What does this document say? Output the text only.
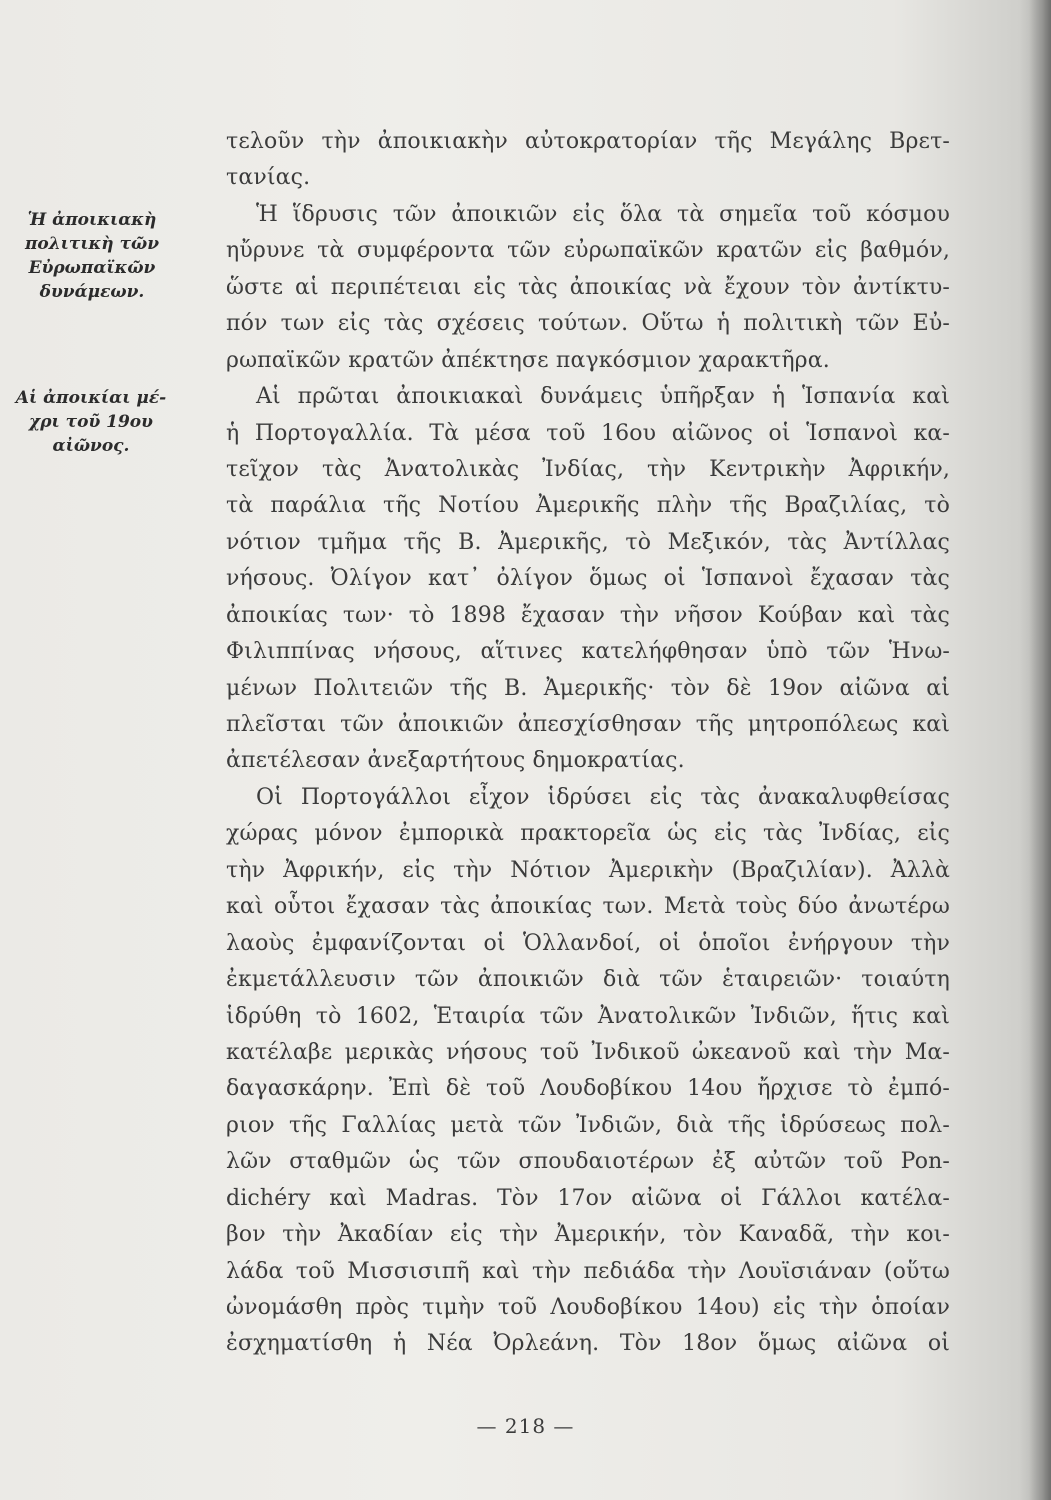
Ἡ ἀποικιακὴ
πολιτικὴ τῶν
Εὐρωπαϊκῶν
δυνάμεων.
Αἱ ἀποικίαι μέ-
χρι τοῦ 19ου
αἰῶνος.
τελοῦν τὴν ἀποικιακὴν αὐτοκρατορίαν τῆς Μεγάλης Βρετ-
τανίας.
Ἡ ἵδρυσις τῶν ἀποικιῶν εἰς ὅλα τὰ σημεῖα τοῦ κόσμου
ηὔρυνε τὰ συμφέροντα τῶν εὐρωπαϊκῶν κρατῶν εἰς βαθμόν,
ὥστε αἱ περιπέτειαι εἰς τὰς ἀποικίας νὰ ἔχουν τὸν ἀντίκτυ-
πόν των εἰς τὰς σχέσεις τούτων. Οὕτω ἡ πολιτικὴ τῶν Εὐ-
ρωπαϊκῶν κρατῶν ἀπέκτησε παγκόσμιον χαρακτῆρα.
Αἱ πρῶται ἀποικιακαὶ δυνάμεις ὑπῆρξαν ἡ Ἱσπανία καὶ
ἡ Πορτογαλλία. Τὰ μέσα τοῦ 16ου αἰῶνος οἱ Ἱσπανοὶ κα-
τεῖχον τὰς Ἀνατολικὰς Ἰνδίας, τὴν Κεντρικὴν Ἀφρικήν,
τὰ παράλια τῆς Νοτίου Ἀμερικῆς πλὴν τῆς Βραζιλίας, τὸ
νότιον τμῆμα τῆς Β. Ἀμερικῆς, τὸ Μεξικόν, τὰς Ἀντίλλας
νήσους. Ὀλίγον κατ᾽ ὀλίγον ὅμως οἱ Ἱσπανοὶ ἔχασαν τὰς
ἀποικίας των· τὸ 1898 ἔχασαν τὴν νῆσον Κούβαν καὶ τὰς
Φιλιππίνας νήσους, αἵτινες κατελήφθησαν ὑπὸ τῶν Ἡνω-
μένων Πολιτειῶν τῆς Β. Ἀμερικῆς· τὸν δὲ 19ον αἰῶνα αἱ
πλεῖσται τῶν ἀποικιῶν ἀπεσχίσθησαν τῆς μητροπόλεως καὶ
ἀπετέλεσαν ἀνεξαρτήτους δημοκρατίας.
Οἱ Πορτογάλλοι εἶχον ἱδρύσει εἰς τὰς ἀνακαλυφθείσας
χώρας μόνον ἐμπορικὰ πρακτορεῖα ὡς εἰς τὰς Ἰνδίας, εἰς
τὴν Ἀφρικήν, εἰς τὴν Νότιον Ἀμερικὴν (Βραζιλίαν). Ἀλλὰ
καὶ οὗτοι ἔχασαν τὰς ἀποικίας των. Μετὰ τοὺς δύο ἀνωτέρω
λαοὺς ἐμφανίζονται οἱ Ὁλλανδοί, οἱ ὁποῖοι ἐνήργουν τὴν
ἐκμετάλλευσιν τῶν ἀποικιῶν διὰ τῶν ἑταιρειῶν· τοιαύτη
ἱδρύθη τὸ 1602, Ἑταιρία τῶν Ἀνατολικῶν Ἰνδιῶν, ἥτις καὶ
κατέλαβε μερικὰς νήσους τοῦ Ἰνδικοῦ ὠκεανοῦ καὶ τὴν Μα-
δαγασκάρην. Ἐπὶ δὲ τοῦ Λουδοβίκου 14ου ἤρχισε τὸ ἐμπό-
ριον τῆς Γαλλίας μετὰ τῶν Ἰνδιῶν, διὰ τῆς ἱδρύσεως πολ-
λῶν σταθμῶν ὡς τῶν σπουδαιοτέρων ἐξ αὐτῶν τοῦ Pon-
dichéry καὶ Madras. Τὸν 17ον αἰῶνα οἱ Γάλλοι κατέλα-
βον τὴν Ἀκαδίαν εἰς τὴν Ἀμερικήν, τὸν Καναδᾶ, τὴν κοι-
λάδα τοῦ Μισσισιπῆ καὶ τὴν πεδιάδα τὴν Λουϊσιάναν (οὕτω
ὠνομάσθη πρὸς τιμὴν τοῦ Λουδοβίκου 14ου) εἰς τὴν ὁποίαν
ἐσχηματίσθη ἡ Νέα Ὀρλεάνη. Τὸν 18ον ὅμως αἰῶνα οἱ
— 218 —
